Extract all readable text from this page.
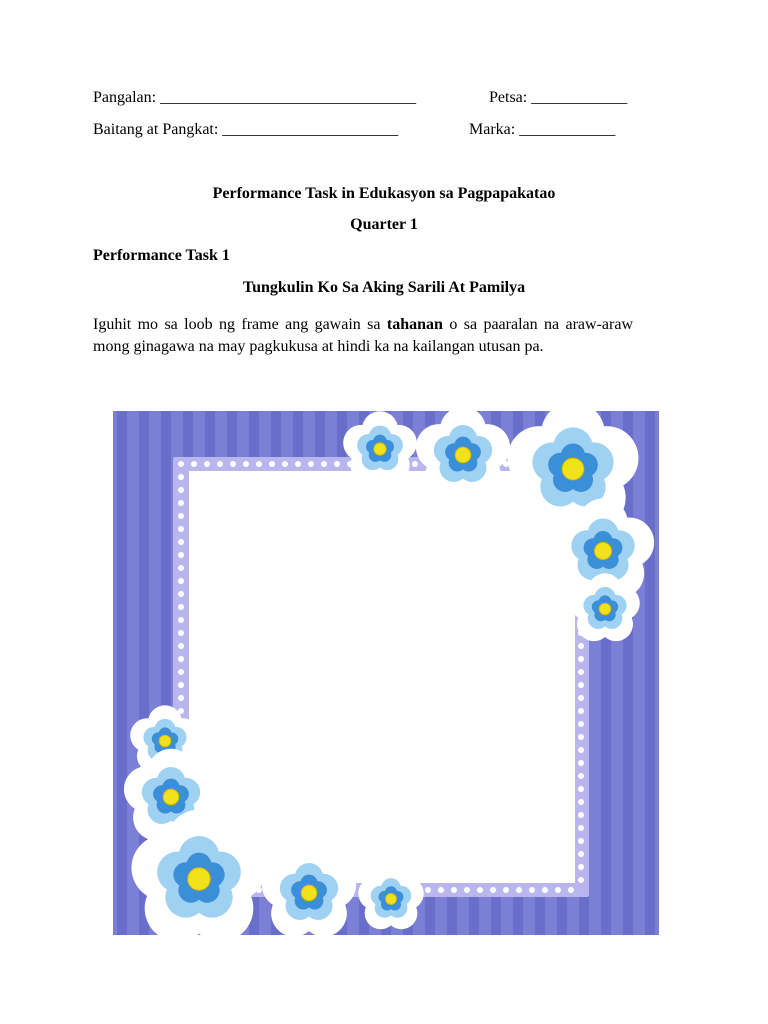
Pangalan: ________________________________	Petsa: ____________
Baitang at Pangkat: ______________________	Marka: ____________
Performance Task in Edukasyon sa Pagpapakatao
Quarter 1
Performance Task 1
Tungkulin Ko Sa Aking Sarili At Pamilya
Iguhit mo sa loob ng frame ang gawain sa tahanan o sa paaralan na araw-araw mong ginagawa na may pagkukusa at hindi ka na kailangan utusan pa.
